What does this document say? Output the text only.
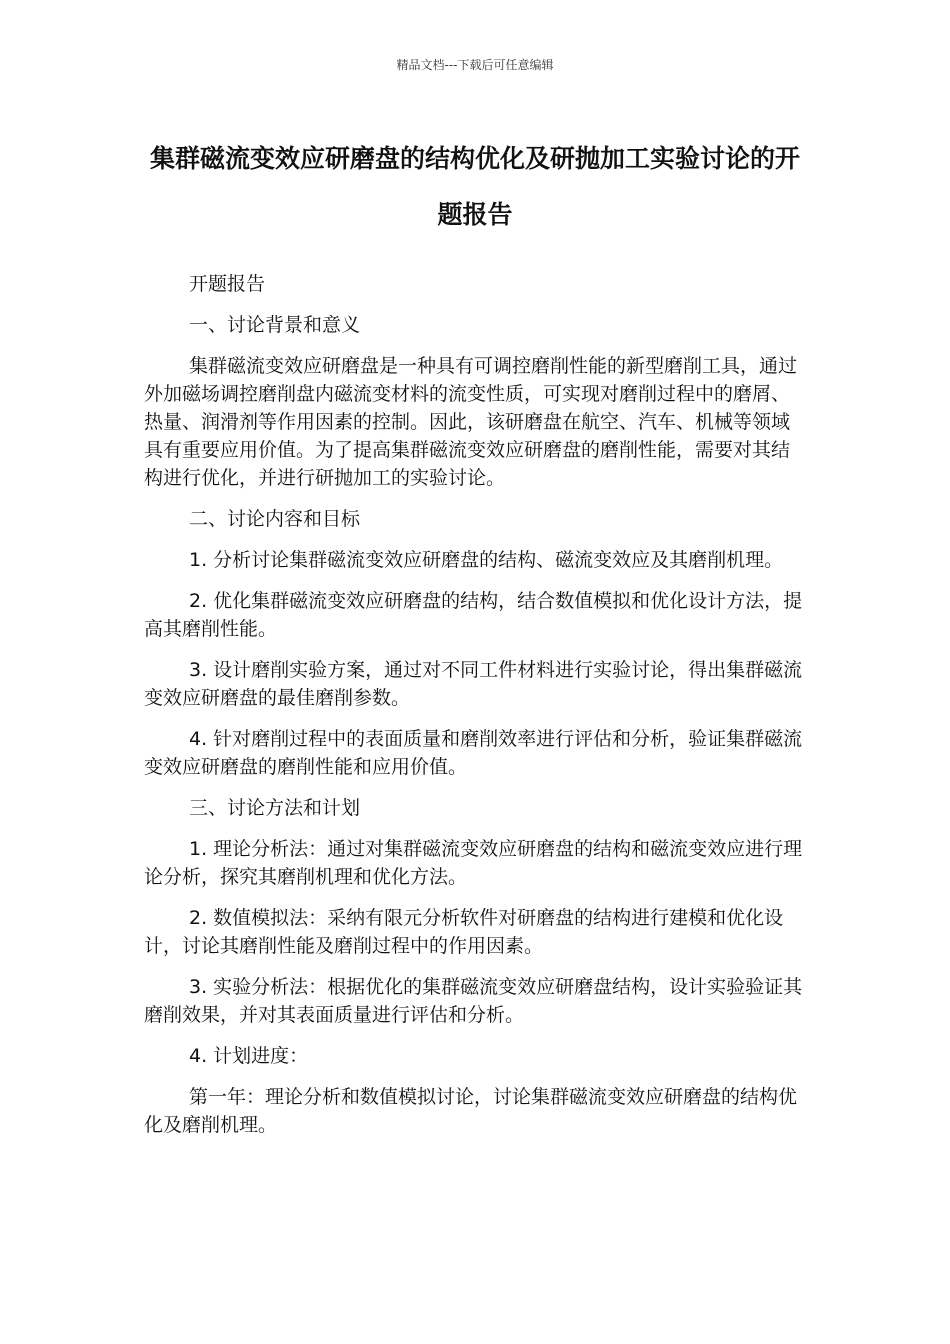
精品文档---下载后可任意编辑
集群磁流变效应研磨盘的结构优化及研抛加工实验讨论的开题报告

开题报告

一、讨论背景和意义

集群磁流变效应研磨盘是一种具有可调控磨削性能的新型磨削工具，通过外加磁场调控磨削盘内磁流变材料的流变性质，可实现对磨削过程中的磨屑、热量、润滑剂等作用因素的控制。因此，该研磨盘在航空、汽车、机械等领域具有重要应用价值。为了提高集群磁流变效应研磨盘的磨削性能，需要对其结构进行优化，并进行研抛加工的实验讨论。

二、讨论内容和目标

1. 分析讨论集群磁流变效应研磨盘的结构、磁流变效应及其磨削机理。

2. 优化集群磁流变效应研磨盘的结构，结合数值模拟和优化设计方法，提高其磨削性能。

3. 设计磨削实验方案，通过对不同工件材料进行实验讨论，得出集群磁流变效应研磨盘的最佳磨削参数。

4. 针对磨削过程中的表面质量和磨削效率进行评估和分析，验证集群磁流变效应研磨盘的磨削性能和应用价值。

三、讨论方法和计划

1. 理论分析法：通过对集群磁流变效应研磨盘的结构和磁流变效应进行理论分析，探究其磨削机理和优化方法。

2. 数值模拟法：采纳有限元分析软件对研磨盘的结构进行建模和优化设计，讨论其磨削性能及磨削过程中的作用因素。

3. 实验分析法：根据优化的集群磁流变效应研磨盘结构，设计实验验证其磨削效果，并对其表面质量进行评估和分析。

4. 计划进度：

第一年：理论分析和数值模拟讨论，讨论集群磁流变效应研磨盘的结构优化及磨削机理。
